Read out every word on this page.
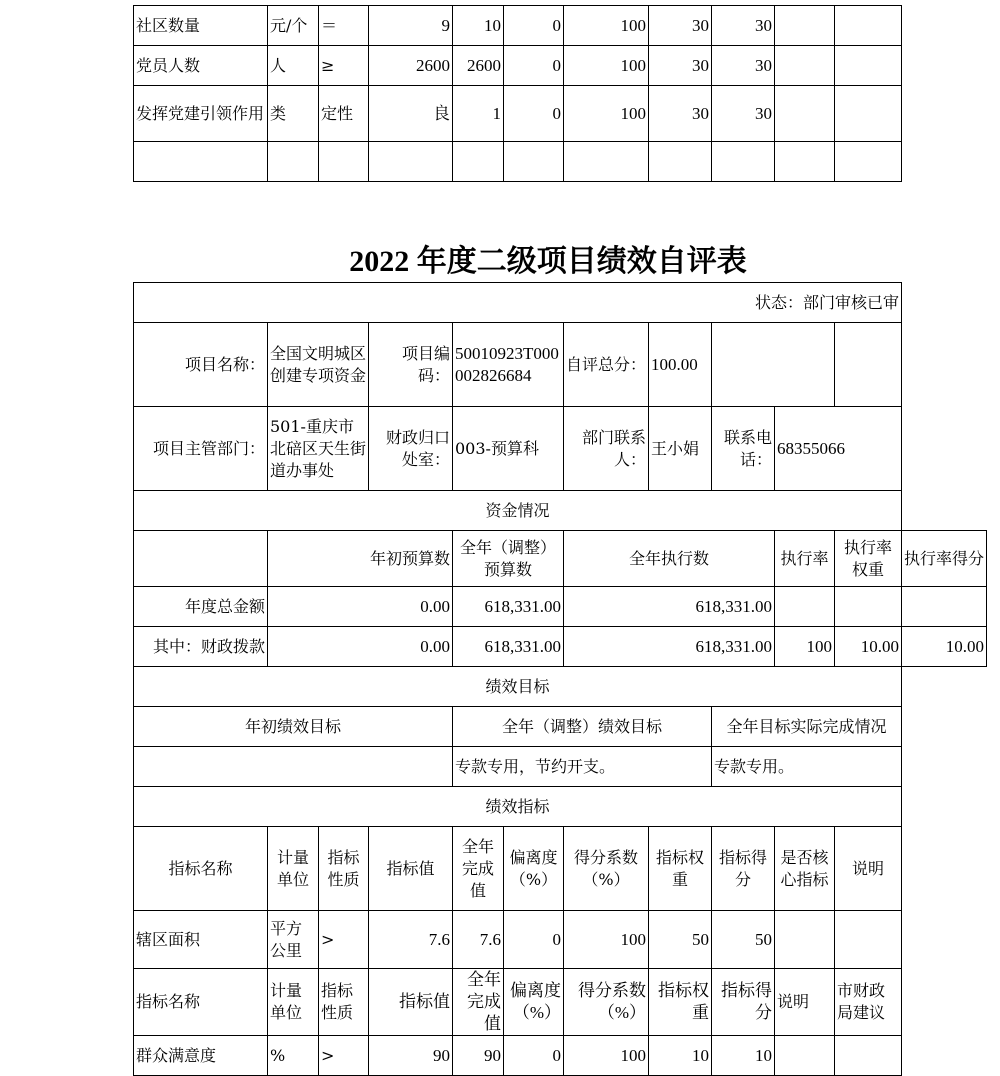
社区数量	元/个	＝	9	10	0	100	30	30		
党员人数	人	≥	2600	2600	0	100	30	30		
发挥党建引领作用	类	定性	良	1	0	100	30	30		

2022 年度二级项目绩效自评表
状态：部门审核已审											
项目名称：	全国文明城区创建专项资金		项目编码：	50010923T000002826684		自评总分：	100.00				
项目主管部门：	501-重庆市北碚区天生街道办事处		财政归口处室：	003-预算科		部门联系人：	王小娟	联系电话：	68355066		
资金情况											
	年初预算数			全年（调整）预算数		全年执行数			执行率	执行率权重	执行率得分
年度总金额	0.00			618,331.00		618,331.00					
其中：财政拨款	0.00			618,331.00		618,331.00			100	10.00	10.00
绩效目标											
年初绩效目标				全年（调整）绩效目标				全年目标实际完成情况			
				专款专用，节约开支。				专款专用。			
绩效指标											
指标名称	计量单位	指标性质	指标值	全年完成值	偏离度（%）	得分系数（%）	指标权重	指标得分	是否核心指标	说明	
辖区面积	平方公里	>	7.6	7.6	0	100	50	50			
指标名称	计量单位	指标性质	指标值	全年完成值	偏离度（%）	得分系数（%）	指标权重	指标得分	说明	市财政局建议	
群众满意度	%	>	90	90	0	100	10	10			
